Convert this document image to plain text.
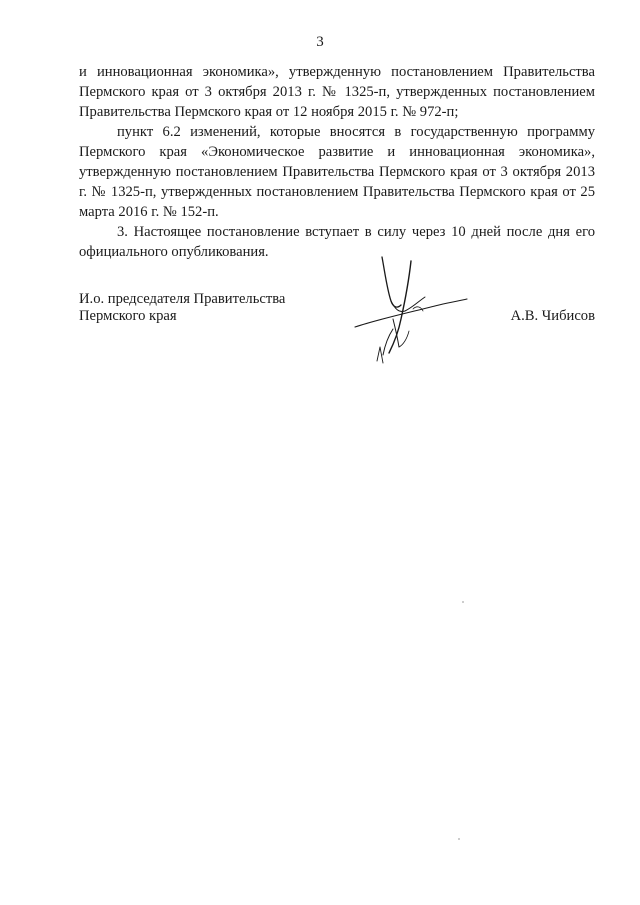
3

и инновационная экономика», утвержденную постановлением Правительства Пермского края от 3 октября 2013 г. № 1325-п, утвержденных постановлением Правительства Пермского края от 12 ноября 2015 г. № 972-п;

пункт 6.2 изменений, которые вносятся в государственную программу Пермского края «Экономическое развитие и инновационная экономика», утвержденную постановлением Правительства Пермского края от 3 октября 2013 г. № 1325-п, утвержденных постановлением Правительства Пермского края от 25 марта 2016 г. № 152-п.

3. Настоящее постановление вступает в силу через 10 дней после дня его официального опубликования.

И.о. председателя Правительства
Пермского края	А.В. Чибисов
